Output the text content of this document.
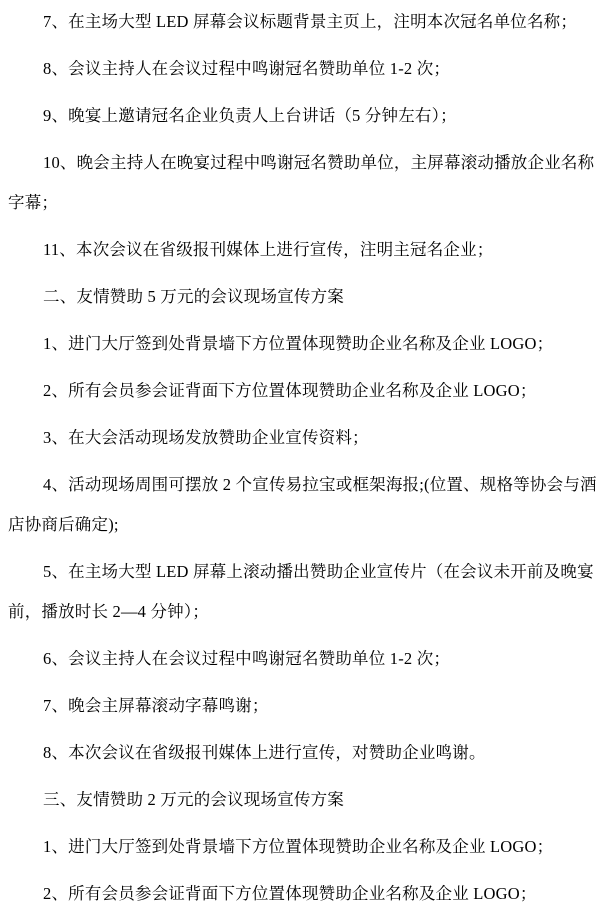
7、在主场大型 LED 屏幕会议标题背景主页上，注明本次冠名单位名称；
8、会议主持人在会议过程中鸣谢冠名赞助单位 1-2 次；
9、晚宴上邀请冠名企业负责人上台讲话（5 分钟左右）；
10、晚会主持人在晚宴过程中鸣谢冠名赞助单位，主屏幕滚动播放企业名称
字幕；
11、本次会议在省级报刊媒体上进行宣传，注明主冠名企业；
二、友情赞助 5 万元的会议现场宣传方案
1、进门大厅签到处背景墙下方位置体现赞助企业名称及企业 LOGO；
2、所有会员参会证背面下方位置体现赞助企业名称及企业 LOGO；
3、在大会活动现场发放赞助企业宣传资料；
4、活动现场周围可摆放 2 个宣传易拉宝或框架海报;(位置、规格等协会与酒
店协商后确定);
5、在主场大型 LED 屏幕上滚动播出赞助企业宣传片（在会议未开前及晚宴
前，播放时长 2—4 分钟）；
6、会议主持人在会议过程中鸣谢冠名赞助单位 1-2 次；
7、晚会主屏幕滚动字幕鸣谢；
8、本次会议在省级报刊媒体上进行宣传，对赞助企业鸣谢。
三、友情赞助 2 万元的会议现场宣传方案
1、进门大厅签到处背景墙下方位置体现赞助企业名称及企业 LOGO；
2、所有会员参会证背面下方位置体现赞助企业名称及企业 LOGO；
